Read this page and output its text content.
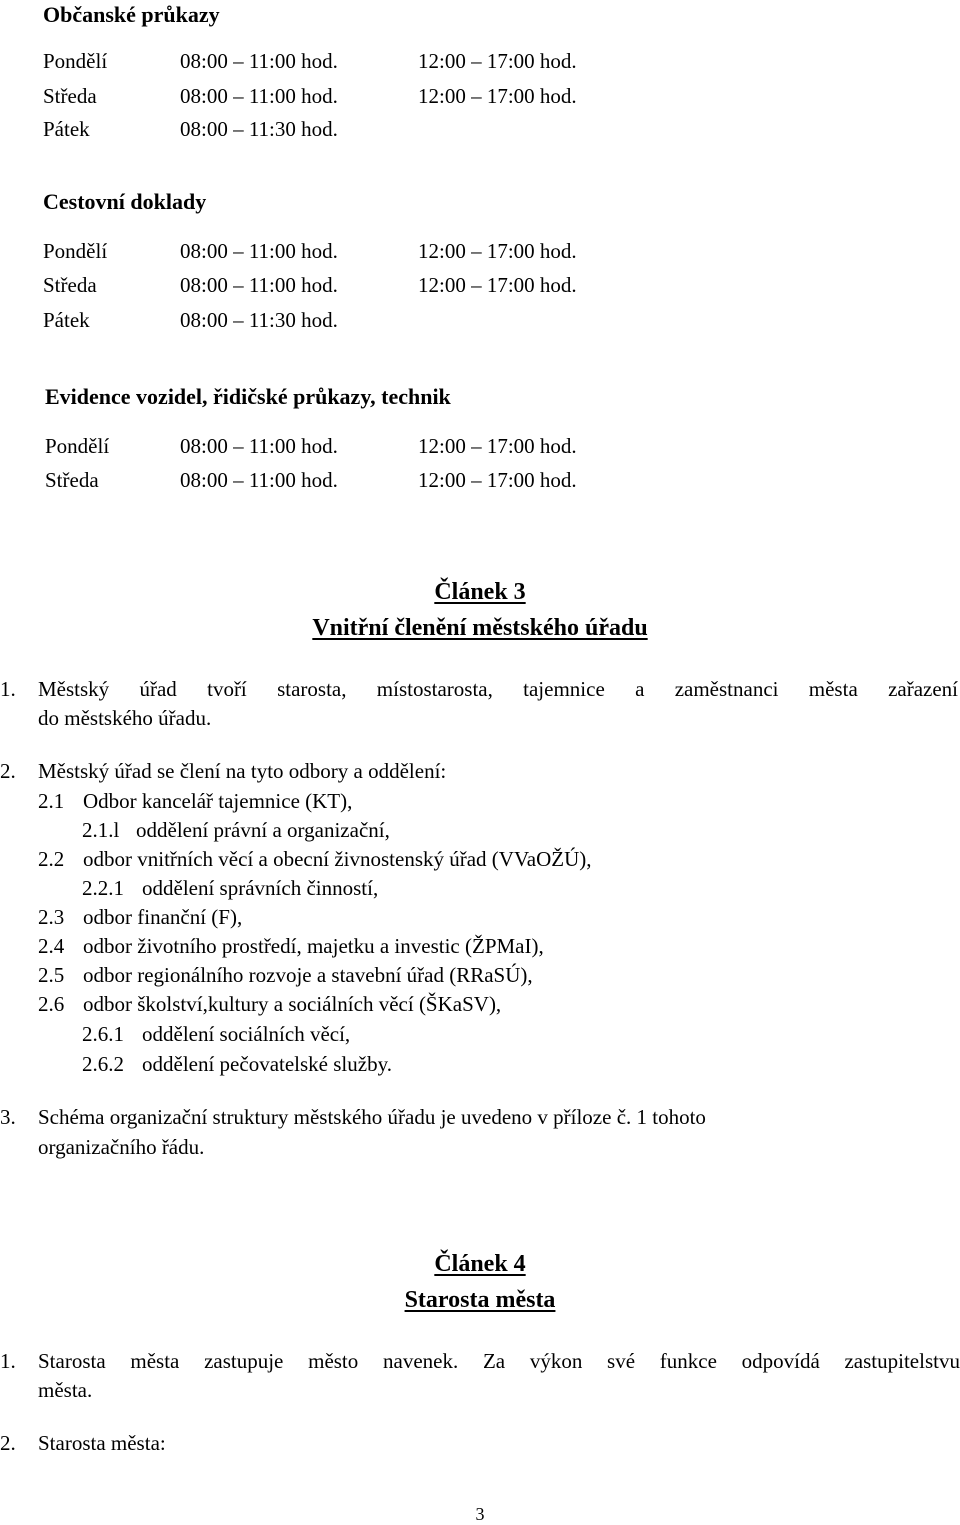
Občanské průkazy
Pondělí	08:00 – 11:00 hod.	12:00 – 17:00 hod.
Středa	08:00 – 11:00 hod.	12:00 – 17:00 hod.
Pátek	08:00 – 11:30 hod.
Cestovní doklady
Pondělí	08:00 – 11:00 hod.	12:00 – 17:00 hod.
Středa	08:00 – 11:00 hod.	12:00 – 17:00 hod.
Pátek	08:00 – 11:30 hod.
Evidence vozidel, řidičské průkazy, technik
Pondělí	08:00 – 11:00 hod.	12:00 – 17:00 hod.
Středa	08:00 – 11:00 hod.	12:00 – 17:00 hod.
Článek 3
Vnitřní členění městského úřadu
1. Městský úřad tvoří starosta, místostarosta, tajemnice a zaměstnanci města zařazení
do městského úřadu.
2. Městský úřad se člení na tyto odbory a oddělení:
2.1 Odbor kancelář tajemnice (KT),
2.1.l oddělení právní a organizační,
2.2 odbor vnitřních věcí a obecní živnostenský úřad (VVaOŽÚ),
2.2.1 oddělení správních činností,
2.3 odbor finanční (F),
2.4 odbor životního prostředí, majetku a investic (ŽPMaI),
2.5 odbor regionálního rozvoje a stavební úřad (RRaSÚ),
2.6 odbor školství,kultury a sociálních věcí (ŠKaSV),
2.6.1 oddělení sociálních věcí,
2.6.2 oddělení pečovatelské služby.
3. Schéma organizační struktury městského úřadu je uvedeno v příloze č. 1 tohoto
organizačního řádu.
Článek 4
Starosta města
1. Starosta města zastupuje město navenek. Za výkon své funkce odpovídá zastupitelstvu
města.
2. Starosta města:
3
